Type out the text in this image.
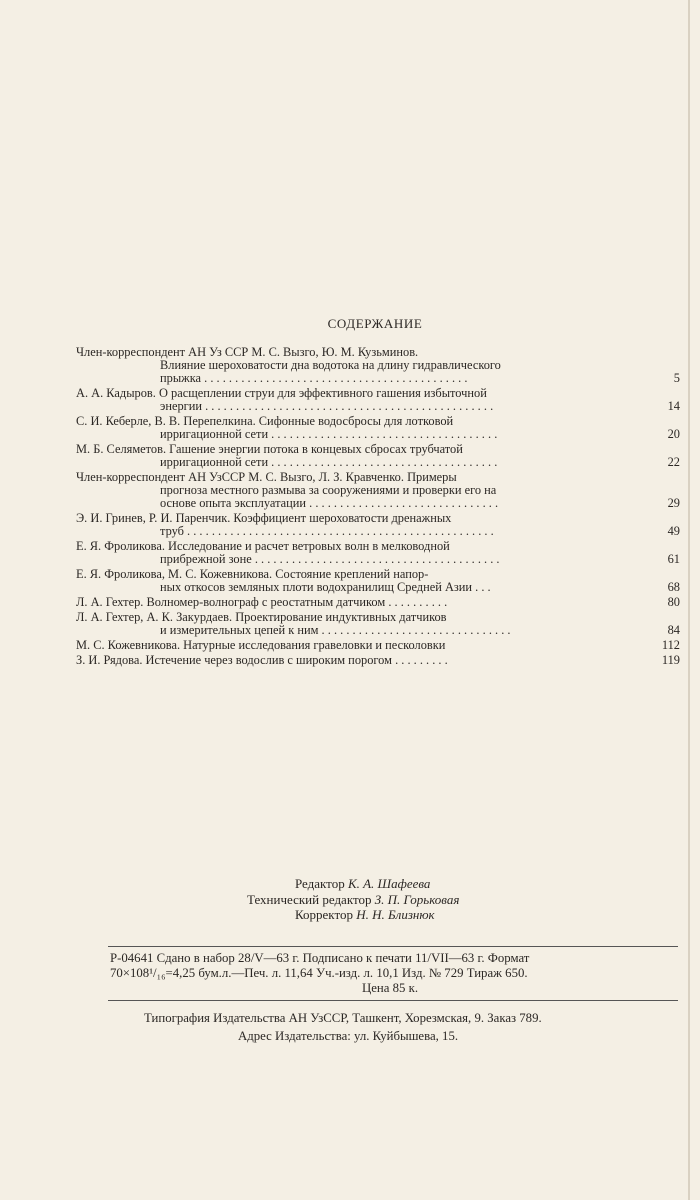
СОДЕРЖАНИЕ
Член-корреспондент АН Уз ССР М. С. Вызго, Ю. М. Кузьминов.
Влияние шероховатости дна водотока на длину гидравлического
прыжка . . . . . . . . . . . . . . . . . . . . . . . . . . . . . . . . . . . . . . . . . . .	5
А. А. Кадыров. О расщеплении струи для эффективного гашения избыточной
энергии . . . . . . . . . . . . . . . . . . . . . . . . . . . . . . . . . . . . . . . . . . . . . . .	14
С. И. Кеберле, В. В. Перепелкина. Сифонные водосбросы для лотковой
ирригационной сети . . . . . . . . . . . . . . . . . . . . . . . . . . . . . . . . . . . . .	20
М. Б. Селяметов. Гашение энергии потока в концевых сбросах трубчатой
ирригационной сети . . . . . . . . . . . . . . . . . . . . . . . . . . . . . . . . . . . . .	22
Член-корреспондент АН УзССР М. С. Вызго, Л. З. Кравченко. Примеры
прогноза местного размыва за сооружениями и проверки его на
основе опыта эксплуатации . . . . . . . . . . . . . . . . . . . . . . . . . . . . . . .	29
Э. И. Гринев, Р. И. Паренчик. Коэффициент шероховатости дренажных
труб . . . . . . . . . . . . . . . . . . . . . . . . . . . . . . . . . . . . . . . . . . . . . . . . . .	49
Е. Я. Фроликова. Исследование и расчет ветровых волн в мелководной
прибрежной зоне . . . . . . . . . . . . . . . . . . . . . . . . . . . . . . . . . . . . . . . .	61
Е. Я. Фроликова, М. С. Кожевникова. Состояние креплений напор-
ных откосов земляных плоти водохранилищ Средней Азии . . .	68
Л. А. Гехтер. Волномер-волнограф с реостатным датчиком . . . . . . . . . .	80
Л. А. Гехтер, А. К. Закурдаев. Проектирование индуктивных датчиков
и измерительных цепей к ним . . . . . . . . . . . . . . . . . . . . . . . . . . . . . . .	84
М. С. Кожевникова. Натурные исследования гравеловки и песколовки	112
З. И. Рядова. Истечение через водослив с широким порогом . . . . . . . . .	119
Редактор К. А. Шафеева
Технический редактор З. П. Горьковая
Корректор Н. Н. Близнюк
Р-04641 Сдано в набор 28/V—63 г. Подписано к печати 11/VII—63 г. Формат
70×108¹/₁₆=4,25 бум.л.—Печ. л. 11,64 Уч.-изд. л. 10,1 Изд. № 729 Тираж 650.
Цена 85 к.
Типография Издательства АН УзССР, Ташкент, Хорезмская, 9. Заказ 789.
Адрес Издательства: ул. Куйбышева, 15.
